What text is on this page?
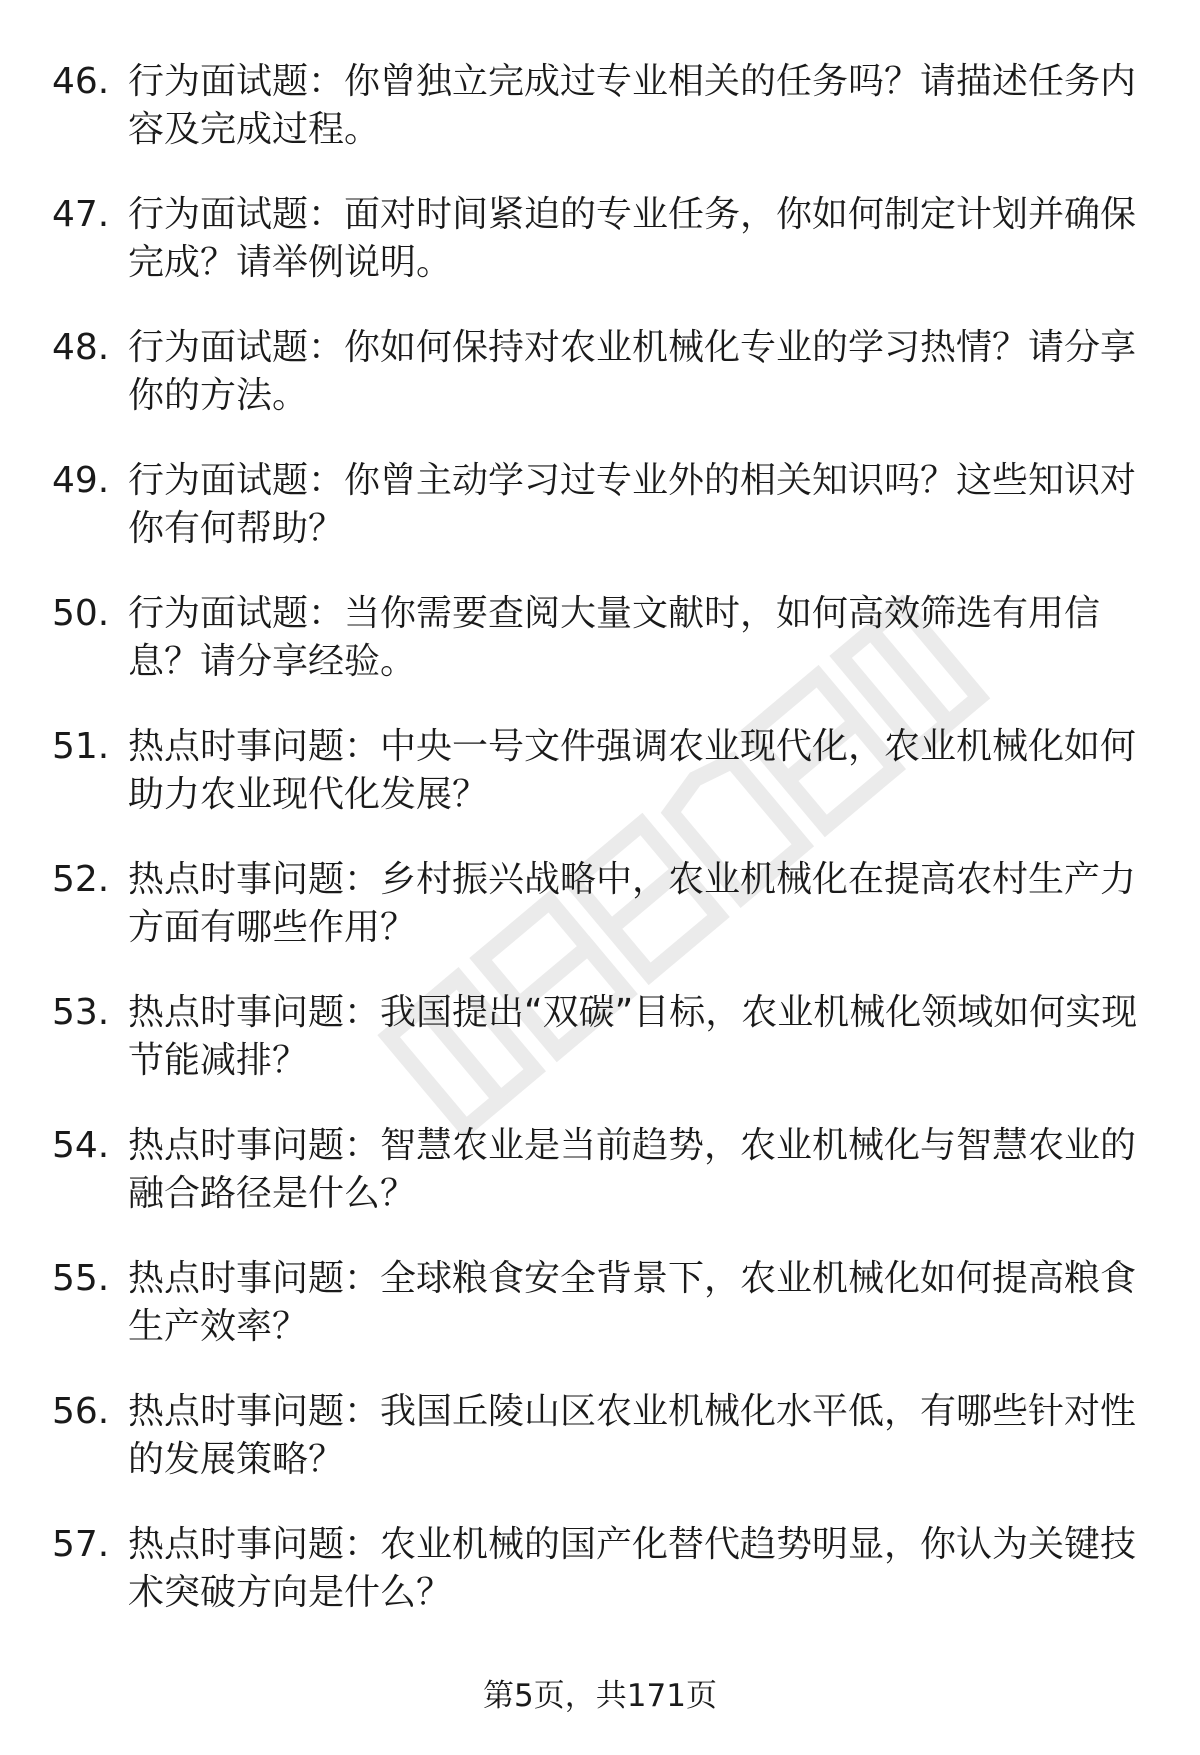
46. 行为面试题：你曾独立完成过专业相关的任务吗？请描述任务内容及完成过程。
47. 行为面试题：面对时间紧迫的专业任务，你如何制定计划并确保完成？请举例说明。
48. 行为面试题：你如何保持对农业机械化专业的学习热情？请分享你的方法。
49. 行为面试题：你曾主动学习过专业外的相关知识吗？这些知识对你有何帮助？
50. 行为面试题：当你需要查阅大量文献时，如何高效筛选有用信息？请分享经验。
51. 热点时事问题：中央一号文件强调农业现代化，农业机械化如何助力农业现代化发展？
52. 热点时事问题：乡村振兴战略中，农业机械化在提高农村生产力方面有哪些作用？
53. 热点时事问题：我国提出“双碳”目标，农业机械化领域如何实现节能减排？
54. 热点时事问题：智慧农业是当前趋势，农业机械化与智慧农业的融合路径是什么？
55. 热点时事问题：全球粮食安全背景下，农业机械化如何提高粮食生产效率？
56. 热点时事问题：我国丘陵山区农业机械化水平低，有哪些针对性的发展策略？
57. 热点时事问题：农业机械的国产化替代趋势明显，你认为关键技术突破方向是什么？
第5页，共171页
